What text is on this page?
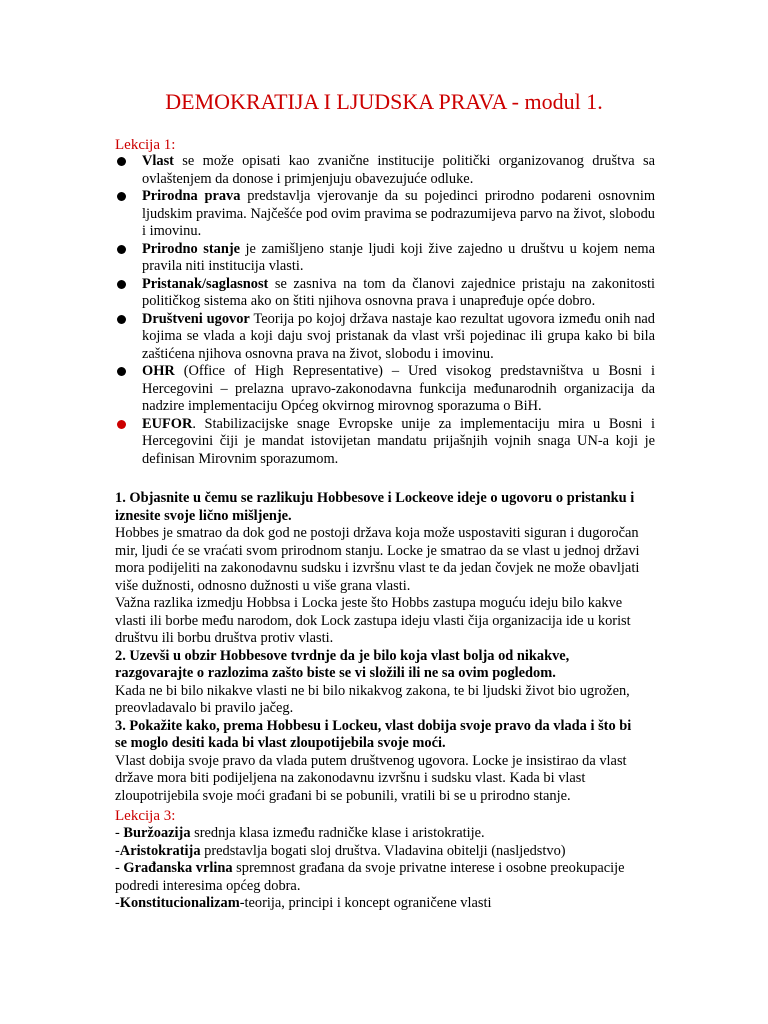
DEMOKRATIJA I LJUDSKA PRAVA - modul 1.
Lekcija 1:
Vlast se može opisati kao zvanične institucije politički organizovanog društva sa ovlaštenjem da donose i primjenjuju obavezujuće odluke.
Prirodna prava predstavlja vjerovanje da su pojedinci prirodno podareni osnovnim ljudskim pravima. Najčešće pod ovim pravima se podrazumijeva parvo na život, slobodu i imovinu.
Prirodno stanje je zamišljeno stanje ljudi koji žive zajedno u društvu u kojem nema pravila niti institucija vlasti.
Pristanak/saglasnost se zasniva na tom da članovi zajednice pristaju na zakonitosti političkog sistema ako on štiti njihova osnovna prava i unapređuje opće dobro.
Društveni ugovor Teorija po kojoj država nastaje kao rezultat ugovora između onih nad kojima se vlada a koji daju svoj pristanak da vlast vrši pojedinac ili grupa kako bi bila zaštićena njihova osnovna prava na život, slobodu i imovinu.
OHR (Office of High Representative) – Ured visokog predstavništva u Bosni i Hercegovini – prelazna upravo-zakonodavna funkcija međunarodnih organizacija da nadzire implementaciju Općeg okvirnog mirovnog sporazuma o BiH.
EUFOR. Stabilizacijske snage Evropske unije za implementaciju mira u Bosni i Hercegovini čiji je mandat istovijetan mandatu prijašnjih vojnih snaga UN-a koji je definisan Mirovnim sporazumom.

1. Objasnite u čemu se razlikuju Hobbesove i Lockeove ideje o ugovoru o pristanku i iznesite svoje lično mišljenje.

Hobbes je smatrao da dok god ne postoji država koja može uspostaviti siguran i dugoročan mir, ljudi će se vraćati svom prirodnom stanju. Locke je smatrao da se vlast u jednoj državi mora podijeliti na zakonodavnu sudsku i izvršnu vlast te da jedan čovjek ne može obavljati više dužnosti, odnosno dužnosti u više grana vlasti.

Važna razlika izmedju Hobbsa i Locka jeste što Hobbs zastupa moguću ideju bilo kakve vlasti ili borbe među narodom, dok Lock zastupa ideju vlasti čija organizacija ide u korist društvu ili borbu društva protiv vlasti.

2. Uzevši u obzir Hobbesove tvrdnje da je bilo koja vlast bolja od nikakve, razgovarajte o razlozima zašto biste se vi složili ili ne sa ovim pogledom.

Kada ne bi bilo nikakve vlasti ne bi bilo nikakvog zakona, te bi ljudski život bio ugrožen, preovladavalo bi pravilo jačeg.

3. Pokažite kako, prema Hobbesu i Lockeu, vlast dobija svoje pravo da vlada i što bi se moglo desiti kada bi vlast zloupotijebila svoje moći.

Vlast dobija svoje pravo da vlada putem društvenog ugovora. Locke je insistirao da vlast države mora biti podijeljena na zakonodavnu izvršnu i sudsku vlast. Kada bi vlast zloupotrijebila svoje moći građani bi se pobunili, vratili bi se u prirodno stanje.

Lekcija 3:

- Buržoazija srednja klasa između radničke klase i aristokratije.

-Aristokratija predstavlja bogati sloj društva. Vladavina obitelji (nasljedstvo)

- Građanska vrlina spremnost građana da svoje privatne interese i osobne preokupacije podredi interesima općeg dobra.

-Konstitucionalizam-teorija, principi i koncept ograničene vlasti
